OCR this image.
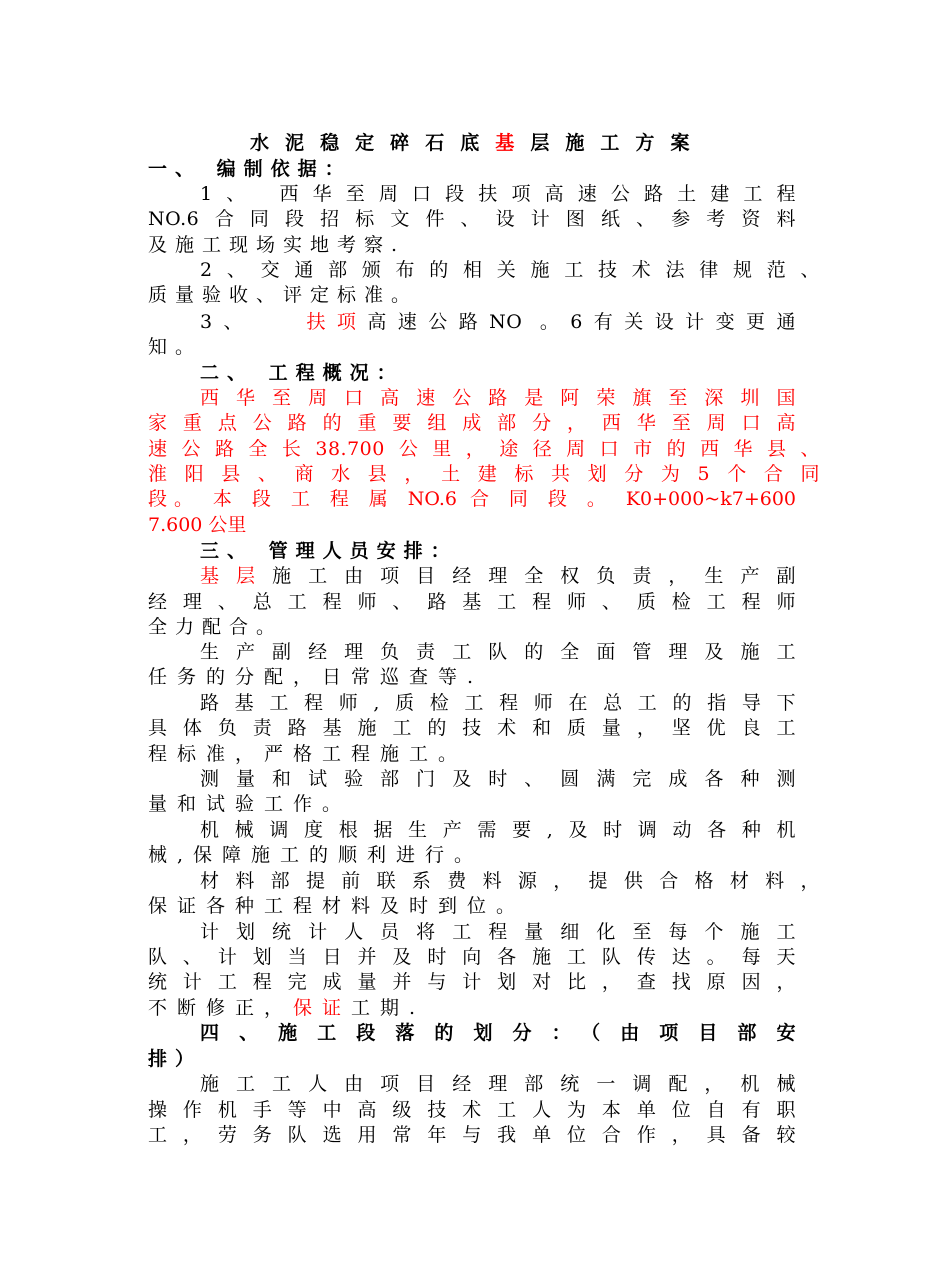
水泥稳定碎石底基层施工方案
一、 编制依据：
1、 西华至周口段扶项高速公路土建工程
NO.6合同段招标文件、设计图纸、参考资料
及施工现场实地考察.
2、交通部颁布的相关施工技术法律规范、
质量验收、评定标准。
3、	扶项高速公路NO 。6有关设计变更通
知。
二、 工程概况：
西华至周口高速公路是阿荣旗至深圳国
家重点公路的重要组成部分，西华至周口高
速公路全长38.700公里，途径周口市的西华县、
淮阳县、商水县，土建标共划分为5个合同
段。 本 段 工 程 属 NO.6 合 同 段 。 K0+000~k7+600
7.600 公里
三、 管理人员安排：
基层施工由项目经理全权负责，生产副
经理、总工程师、路基工程师、质检工程师
全力配合。
生产副经理负责工队的全面管理及施工
任务的分配，日常巡查等.
路基工程师,质检工程师在总工的指导下
具体负责路基施工的技术和质量，坚优良工
程标准，严格工程施工。
测量和试验部门及时、圆满完成各种测
量和试验工作。
机械调度根据生产需要,及时调动各种机
械,保障施工的顺利进行。
材料部提前联系费料源，提供合格材料，
保证各种工程材料及时到位。
计划统计人员将工程量细化至每个施工
队、计划当日并及时向各施工队传达。每天
统计工程完成量并与计划对比，查找原因，
不断修正，保证工期.
四、施工段落的划分：（由项目部安
排）
施工工人由项目经理部统一调配，机械
操作机手等中高级技术工人为本单位自有职
工，劳务队选用常年与我单位合作，具备较
